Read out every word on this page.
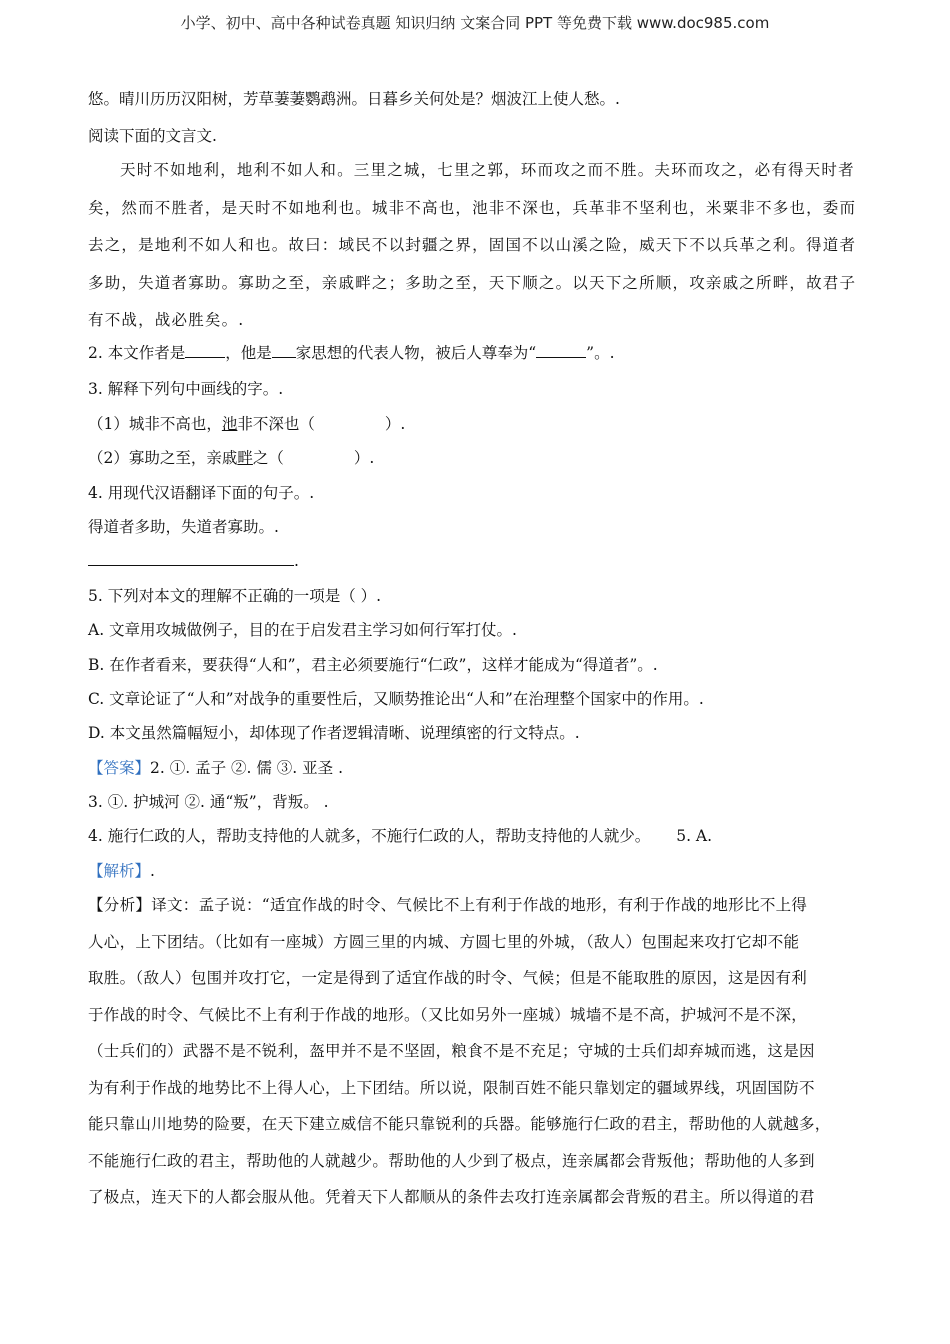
小学、初中、高中各种试卷真题 知识归纳 文案合同 PPT 等免费下载 www.doc985.com

悠。晴川历历汉阳树，芳草萋萋鹦鹉洲。日暮乡关何处是？烟波江上使人愁。.

阅读下面的文言文.

天时不如地利，地利不如人和。三里之城，七里之郭，环而攻之而不胜。夫环而攻之，必有得天时者

矣，然而不胜者，是天时不如地利也。城非不高也，池非不深也，兵革非不坚利也，米粟非不多也，委而

去之，是地利不如人和也。故曰：域民不以封疆之界，固国不以山溪之险，威天下不以兵革之利。得道者

多助，失道者寡助。寡助之至，亲戚畔之；多助之至，天下顺之。以天下之所顺，攻亲戚之所畔，故君子

有不战，战必胜矣。.

2. 本文作者是	，他是 家思想的代表人物，被后人尊奉为“	”。.

3. 解释下列句中画线的字。.

（1）城非不高也，池非不深也（	）.

（2）寡助之至，亲戚畔之（	）.

4. 用现代汉语翻译下面的句子。.

得道者多助，失道者寡助。.

.

5. 下列对本文的理解不正确的一项是（ ）.

A. 文章用攻城做例子，目的在于启发君主学习如何行军打仗。.

B. 在作者看来，要获得“人和”，君主必须要施行“仁政”，这样才能成为“得道者”。.

C. 文章论证了“人和”对战争的重要性后，又顺势推论出“人和”在治理整个国家中的作用。.

D. 本文虽然篇幅短小，却体现了作者逻辑清晰、说理缜密的行文特点。.

【答案】2. ①. 孟子 ②. 儒 ③. 亚圣 .

3. ①. 护城河 ②. 通“叛”，背叛。 .

4. 施行仁政的人，帮助支持他的人就多，不施行仁政的人，帮助支持他的人就少。 5. A.

【解析】.

【分析】译文：孟子说：“适宜作战的时令、气候比不上有利于作战的地形，有利于作战的地形比不上得

人心，上下团结。（比如有一座城）方圆三里的内城、方圆七里的外城，（敌人）包围起来攻打它却不能

取胜。（敌人）包围并攻打它，一定是得到了适宜作战的时令、气候；但是不能取胜的原因，这是因有利

于作战的时令、气候比不上有利于作战的地形。（又比如另外一座城）城墙不是不高，护城河不是不深，

（士兵们的）武器不是不锐利，盔甲并不是不坚固，粮食不是不充足；守城的士兵们却弃城而逃，这是因

为有利于作战的地势比不上得人心，上下团结。所以说，限制百姓不能只靠划定的疆域界线，巩固国防不

能只靠山川地势的险要，在天下建立威信不能只靠锐利的兵器。能够施行仁政的君主，帮助他的人就越多，

不能施行仁政的君主，帮助他的人就越少。帮助他的人少到了极点，连亲属都会背叛他；帮助他的人多到

了极点，连天下的人都会服从他。凭着天下人都顺从的条件去攻打连亲属都会背叛的君主。所以得道的君
